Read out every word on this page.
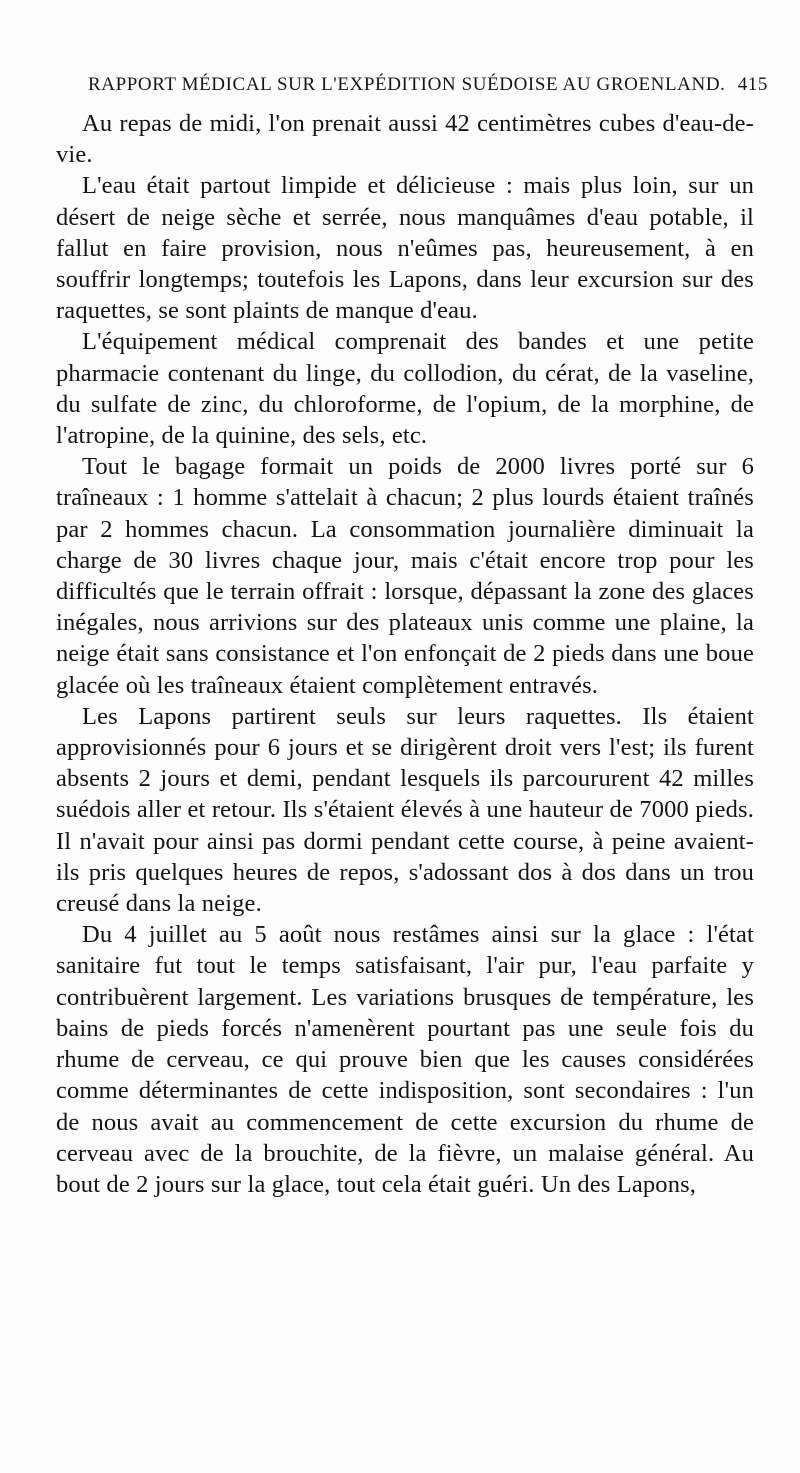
RAPPORT MÉDICAL SUR L'EXPÉDITION SUÉDOISE AU GROENLAND. 415

Au repas de midi, l'on prenait aussi 42 centimètres cubes d'eau-de-vie.

L'eau était partout limpide et délicieuse : mais plus loin, sur un désert de neige sèche et serrée, nous manquâmes d'eau potable, il fallut en faire provision, nous n'eûmes pas, heureusement, à en souffrir longtemps; toutefois les Lapons, dans leur excursion sur des raquettes, se sont plaints de manque d'eau.

L'équipement médical comprenait des bandes et une petite pharmacie contenant du linge, du collodion, du cérat, de la vaseline, du sulfate de zinc, du chloroforme, de l'opium, de la morphine, de l'atropine, de la quinine, des sels, etc.

Tout le bagage formait un poids de 2000 livres porté sur 6 traîneaux : 1 homme s'attelait à chacun; 2 plus lourds étaient traînés par 2 hommes chacun. La consommation journalière diminuait la charge de 30 livres chaque jour, mais c'était encore trop pour les difficultés que le terrain offrait : lorsque, dépassant la zone des glaces inégales, nous arrivions sur des plateaux unis comme une plaine, la neige était sans consistance et l'on enfonçait de 2 pieds dans une boue glacée où les traîneaux étaient complètement entravés.

Les Lapons partirent seuls sur leurs raquettes. Ils étaient approvisionnés pour 6 jours et se dirigèrent droit vers l'est; ils furent absents 2 jours et demi, pendant lesquels ils parcoururent 42 milles suédois aller et retour. Ils s'étaient élevés à une hauteur de 7000 pieds. Il n'avait pour ainsi pas dormi pendant cette course, à peine avaient-ils pris quelques heures de repos, s'adossant dos à dos dans un trou creusé dans la neige.

Du 4 juillet au 5 août nous restâmes ainsi sur la glace : l'état sanitaire fut tout le temps satisfaisant, l'air pur, l'eau parfaite y contribuèrent largement. Les variations brusques de température, les bains de pieds forcés n'amenèrent pourtant pas une seule fois du rhume de cerveau, ce qui prouve bien que les causes considérées comme déterminantes de cette indisposition, sont secondaires : l'un de nous avait au commencement de cette excursion du rhume de cerveau avec de la brouchite, de la fièvre, un malaise général. Au bout de 2 jours sur la glace, tout cela était guéri. Un des Lapons,
